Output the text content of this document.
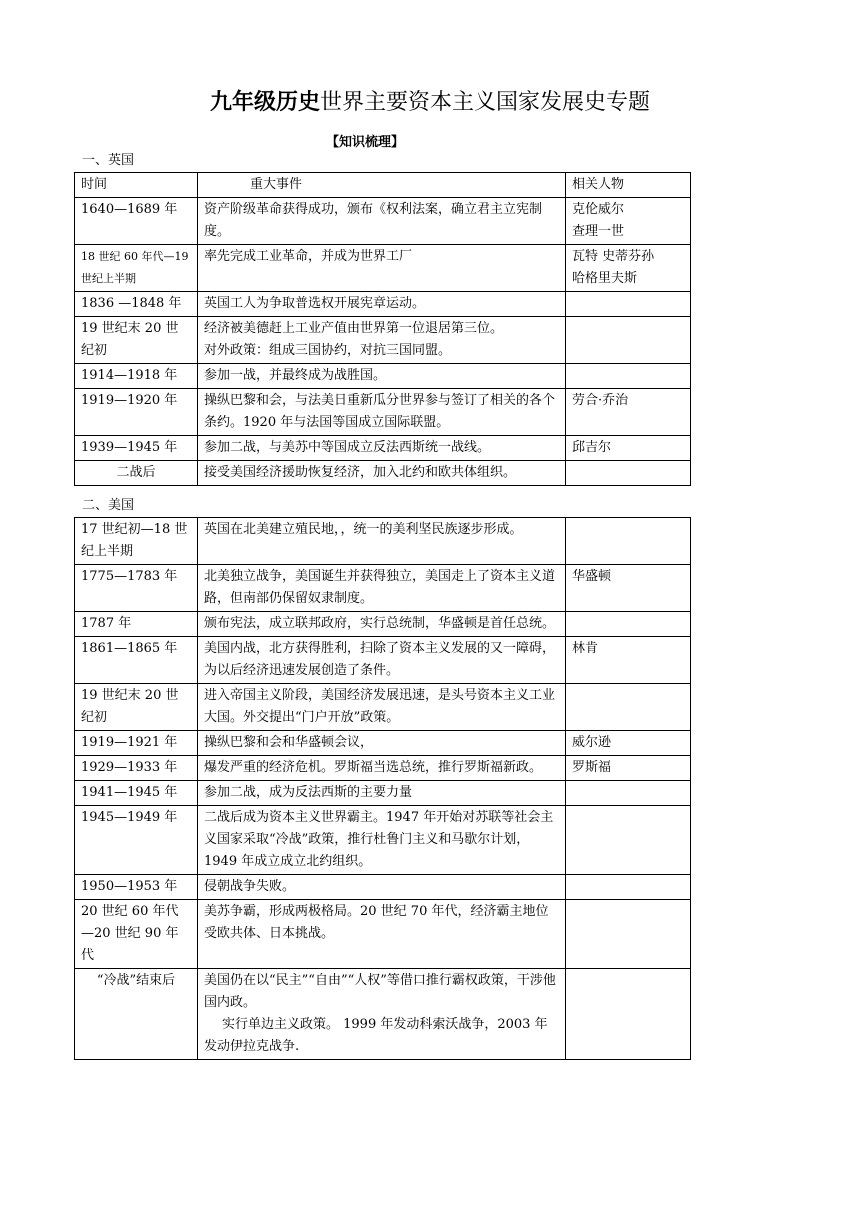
九年级历史世界主要资本主义国家发展史专题
【知识梳理】
一、英国
时间	重大事件	相关人物
1640—1689 年	资产阶级革命获得成功，颁布《权利法案，确立君主立宪制度。	克伦威尔
查理一世
18 世纪 60 年代—19 世纪上半期	率先完成工业革命，并成为世界工厂	瓦特 史蒂芬孙
哈格里夫斯
1836 —1848 年	英国工人为争取普选权开展宪章运动。	
19 世纪末 20 世纪初	经济被美德赶上工业产值由世界第一位退居第三位。
对外政策：组成三国协约，对抗三国同盟。	
1914—1918 年	参加一战，并最终成为战胜国。	
1919—1920 年	操纵巴黎和会，与法美日重新瓜分世界参与签订了相关的各个条约。1920 年与法国等国成立国际联盟。	劳合·乔治
1939—1945 年	参加二战，与美苏中等国成立反法西斯统一战线。	邱吉尔
二战后	接受美国经济援助恢复经济，加入北约和欧共体组织。	
二、美国
17 世纪初—18 世纪上半期	英国在北美建立殖民地，，统一的美利坚民族逐步形成。	
1775—1783 年	北美独立战争，美国诞生并获得独立，美国走上了资本主义道路，但南部仍保留奴隶制度。	华盛顿
1787 年	颁布宪法，成立联邦政府，实行总统制，华盛顿是首任总统。	
1861—1865 年	美国内战，北方获得胜利，扫除了资本主义发展的又一障碍，为以后经济迅速发展创造了条件。	林肯
19 世纪末 20 世纪初	进入帝国主义阶段，美国经济发展迅速，是头号资本主义工业大国。外交提出“门户开放”政策。	
1919—1921 年	操纵巴黎和会和华盛顿会议，	威尔逊
1929—1933 年	爆发严重的经济危机。罗斯福当选总统，推行罗斯福新政。	罗斯福
1941—1945 年	参加二战，成为反法西斯的主要力量	
1945—1949 年	二战后成为资本主义世界霸主。1947 年开始对苏联等社会主义国家采取“冷战”政策，推行杜鲁门主义和马歇尔计划，1949 年成立成立北约组织。	
1950—1953 年	侵朝战争失败。	
20 世纪 60 年代—20 世纪 90 年代	美苏争霸，形成两极格局。20 世纪 70 年代，经济霸主地位受欧共体、日本挑战。	
“冷战”结束后	美国仍在以“民主”“自由”“人权”等借口推行霸权政策，干涉他国内政。
实行单边主义政策。 1999 年发动科索沃战争，2003 年发动伊拉克战争.	
